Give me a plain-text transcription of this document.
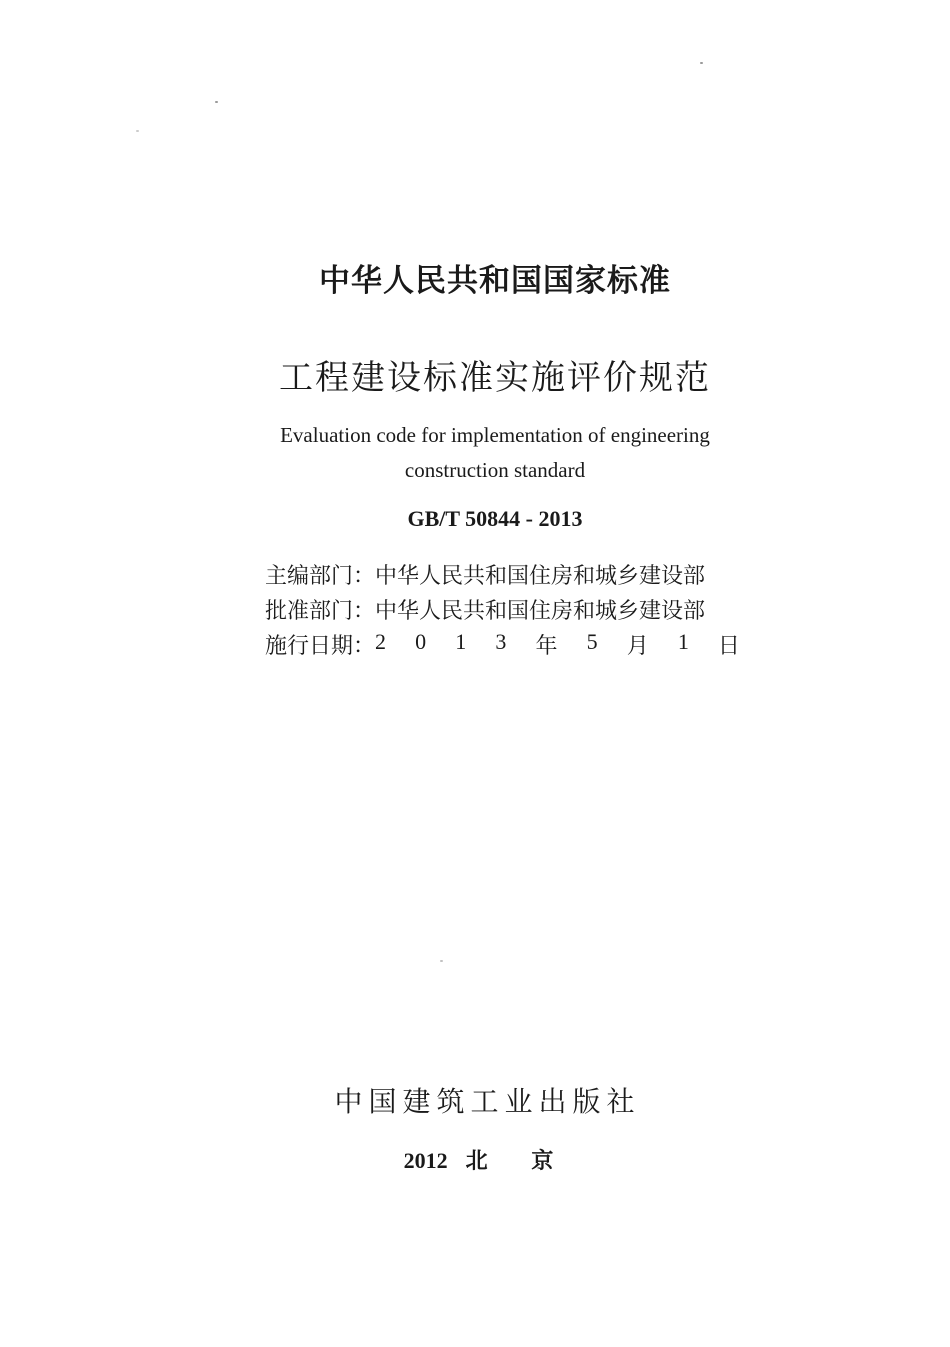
中华人民共和国国家标准
工程建设标准实施评价规范
Evaluation code for implementation of engineering
construction standard
GB/T 50844 - 2013
主编部门：中华人民共和国住房和城乡建设部
批准部门：中华人民共和国住房和城乡建设部
施行日期： 2 0 1 3 年 5 月 1 日
中国建筑工业出版社
2012 北 京
